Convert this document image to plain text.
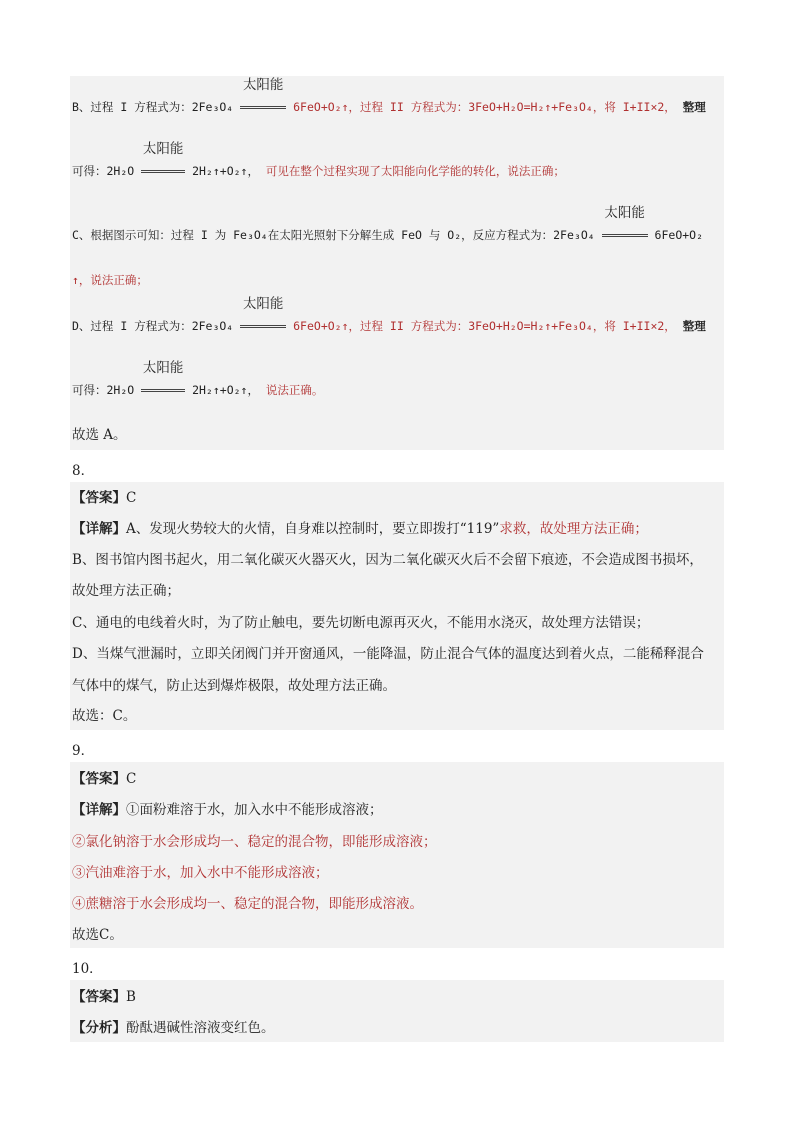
B、过程 I 方程式为：2Fe₃O₄
太阳能
6FeO+O₂↑，过程 II 方程式为：3FeO+H₂O=H₂↑+Fe₃O₄，将 I+II×2， 整理
可得：2H₂O
太阳能
2H₂↑+O₂↑， 可见在整个过程实现了太阳能向化学能的转化，说法正确；
C、根据图示可知：过程 I 为 Fe₃O₄在太阳光照射下分解生成 FeO 与 O₂，反应方程式为：2Fe₃O₄
太阳能
6FeO+O₂
↑，说法正确；
D、过程 I 方程式为：2Fe₃O₄
太阳能
6FeO+O₂↑，过程 II 方程式为：3FeO+H₂O=H₂↑+Fe₃O₄，将 I+II×2， 整理
可得：2H₂O
太阳能
2H₂↑+O₂↑， 说法正确。
故选 A。
8．
【答案】C
【详解】A、发现火势较大的火情，自身难以控制时，要立即拨打“119”求救，故处理方法正确；
B、图书馆内图书起火，用二氧化碳灭火器灭火，因为二氧化碳灭火后不会留下痕迹，不会造成图书损坏，
故处理方法正确；
C、通电的电线着火时，为了防止触电，要先切断电源再灭火，不能用水浇灭，故处理方法错误；
D、当煤气泄漏时，立即关闭阀门并开窗通风，一能降温，防止混合气体的温度达到着火点，二能稀释混合
气体中的煤气，防止达到爆炸极限，故处理方法正确。
故选：C。
9．
【答案】C
【详解】①面粉难溶于水，加入水中不能形成溶液；
②氯化钠溶于水会形成均一、稳定的混合物，即能形成溶液；
③汽油难溶于水，加入水中不能形成溶液；
④蔗糖溶于水会形成均一、稳定的混合物，即能形成溶液。
故选C。
10．
【答案】B
【分析】酚酞遇碱性溶液变红色。
